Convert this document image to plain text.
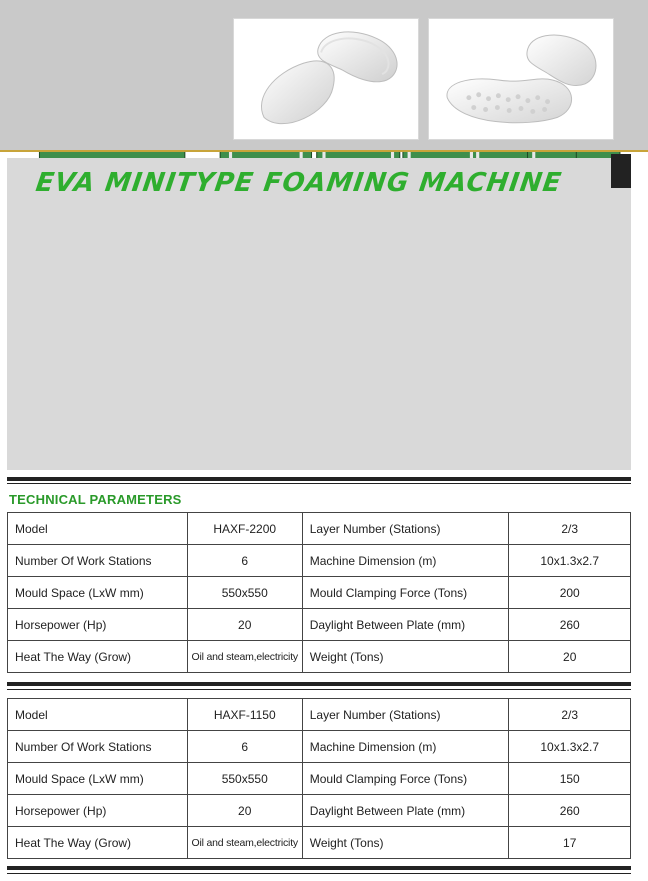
EVA MINITYPE FOAMING MACHINE
TECHNICAL PARAMETERS
Model	HAXF-2200	Layer Number (Stations)	2/3
Number Of Work Stations	6	Machine Dimension (m)	10x1.3x2.7
Mould Space (LxW mm)	550x550	Mould Clamping Force (Tons)	200
Horsepower (Hp)	20	Daylight Between Plate (mm)	260
Heat The Way (Grow)	Oil and steam,electricity	Weight (Tons)	20
Model	HAXF-1150	Layer Number (Stations)	2/3
Number Of Work Stations	6	Machine Dimension (m)	10x1.3x2.7
Mould Space (LxW mm)	550x550	Mould Clamping Force (Tons)	150
Horsepower (Hp)	20	Daylight Between Plate (mm)	260
Heat The Way (Grow)	Oil and steam,electricity	Weight (Tons)	17
